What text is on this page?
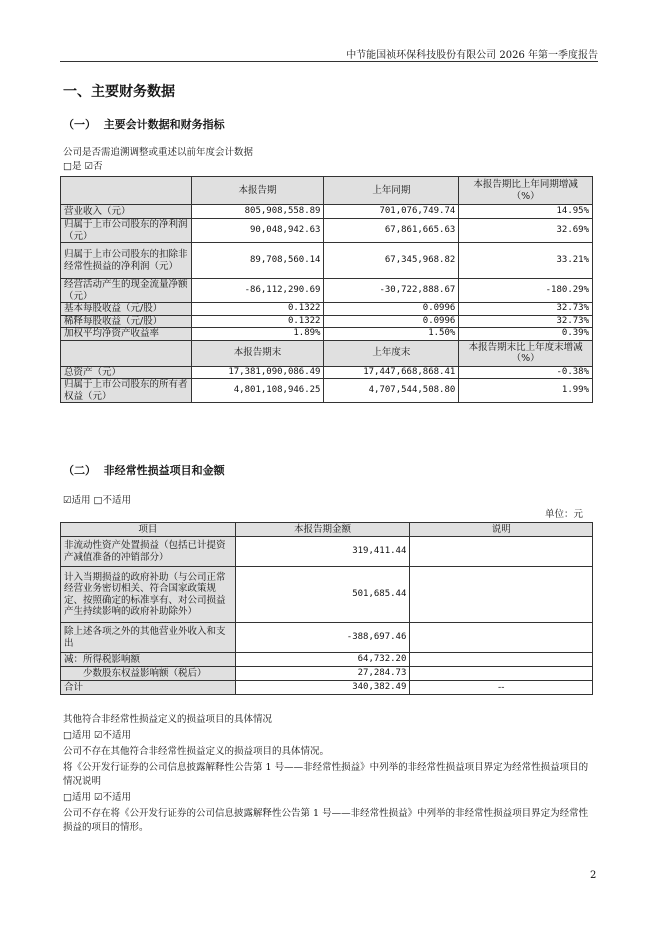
中节能国祯环保科技股份有限公司 2026 年第一季度报告
一、主要财务数据
（一）  主要会计数据和财务指标
公司是否需追溯调整或重述以前年度会计数据
□是 ☑否
	本报告期	上年同期	本报告期比上年同期增减（%）
营业收入（元）	805,908,558.89	701,076,749.74	14.95%
归属于上市公司股东的净利润（元）	90,048,942.63	67,861,665.63	32.69%
归属于上市公司股东的扣除非经常性损益的净利润（元）	89,708,560.14	67,345,968.82	33.21%
经营活动产生的现金流量净额（元）	-86,112,290.69	-30,722,888.67	-180.29%
基本每股收益（元/股）	0.1322	0.0996	32.73%
稀释每股收益（元/股）	0.1322	0.0996	32.73%
加权平均净资产收益率	1.89%	1.50%	0.39%
	本报告期末	上年度末	本报告期末比上年度末增减（%）
总资产（元）	17,381,090,086.49	17,447,668,868.41	-0.38%
归属于上市公司股东的所有者权益（元）	4,801,108,946.25	4,707,544,508.80	1.99%
（二）  非经常性损益项目和金额
☑适用 □不适用
单位：元
项目	本报告期金额	说明
非流动性资产处置损益（包括已计提资产减值准备的冲销部分）	319,411.44	
计入当期损益的政府补助（与公司正常经营业务密切相关、符合国家政策规定、按照确定的标准享有、对公司损益产生持续影响的政府补助除外）	501,685.44	
除上述各项之外的其他营业外收入和支出	-388,697.46	
减：所得税影响额	64,732.20	
少数股东权益影响额（税后）	27,284.73	
合计	340,382.49	--
其他符合非经常性损益定义的损益项目的具体情况
□适用 ☑不适用
公司不存在其他符合非经常性损益定义的损益项目的具体情况。
将《公开发行证券的公司信息披露解释性公告第 1 号——非经常性损益》中列举的非经常性损益项目界定为经常性损益项目的情况说明
□适用 ☑不适用
公司不存在将《公开发行证券的公司信息披露解释性公告第 1 号——非经常性损益》中列举的非经常性损益项目界定为经常性损益的项目的情形。
2
